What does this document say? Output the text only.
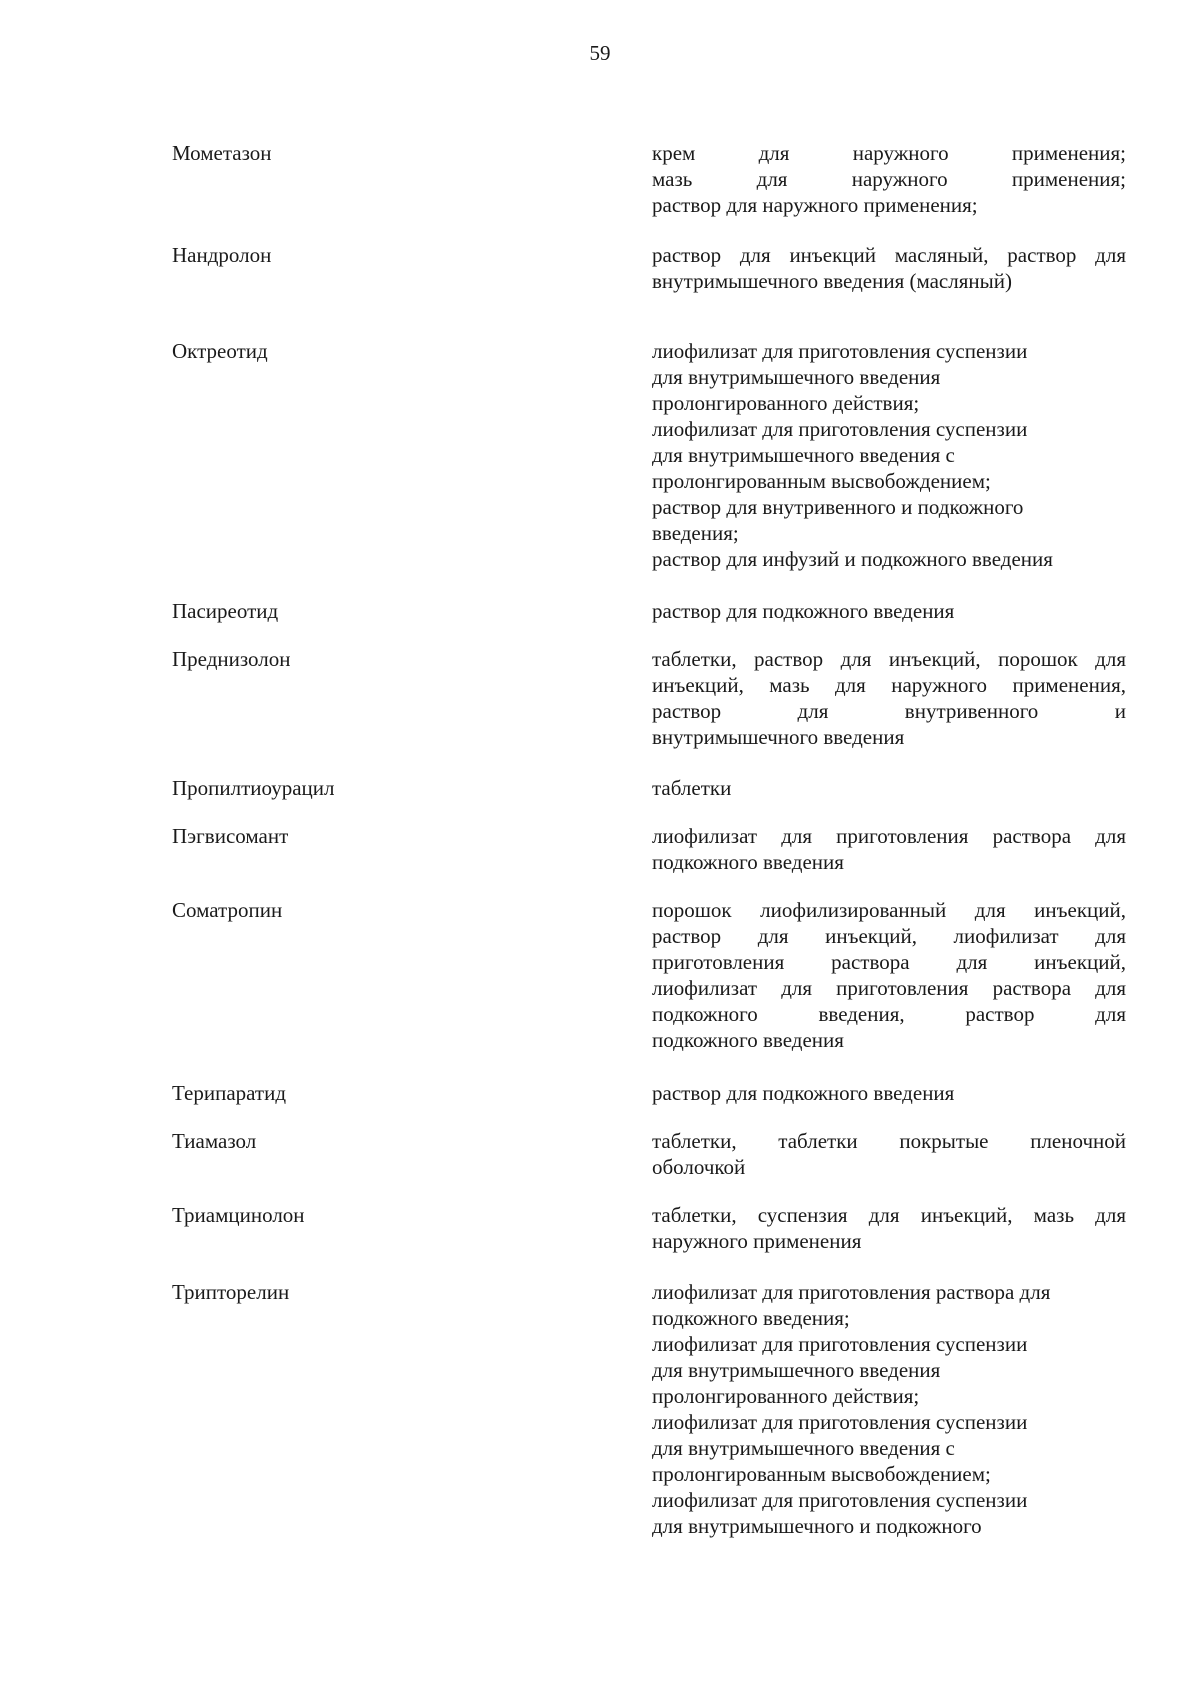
59
Мометазон	крем для наружного применения;
мазь для наружного применения;
раствор для наружного применения;
Нандролон	раствор для инъекций масляный, раствор для
внутримышечного введения (масляный)
Октреотид	лиофилизат для приготовления суспензии
для внутримышечного введения
пролонгированного действия;
лиофилизат для приготовления суспензии
для внутримышечного введения с
пролонгированным высвобождением;
раствор для внутривенного и подкожного
введения;
раствор для инфузий и подкожного введения
Пасиреотид	раствор для подкожного введения
Преднизолон	таблетки, раствор для инъекций, порошок для
инъекций, мазь для наружного применения,
раствор для внутривенного и
внутримышечного введения
Пропилтиоурацил	таблетки
Пэгвисомант	лиофилизат для приготовления раствора для
подкожного введения
Соматропин	порошок лиофилизированный для инъекций,
раствор для инъекций, лиофилизат для
приготовления раствора для инъекций,
лиофилизат для приготовления раствора для
подкожного введения, раствор для
подкожного введения
Терипаратид	раствор для подкожного введения
Тиамазол	таблетки, таблетки покрытые пленочной
оболочкой
Триамцинолон	таблетки, суспензия для инъекций, мазь для
наружного применения
Трипторелин	лиофилизат для приготовления раствора для
подкожного введения;
лиофилизат для приготовления суспензии
для внутримышечного введения
пролонгированного действия;
лиофилизат для приготовления суспензии
для внутримышечного введения с
пролонгированным высвобождением;
лиофилизат для приготовления суспензии
для внутримышечного и подкожного
